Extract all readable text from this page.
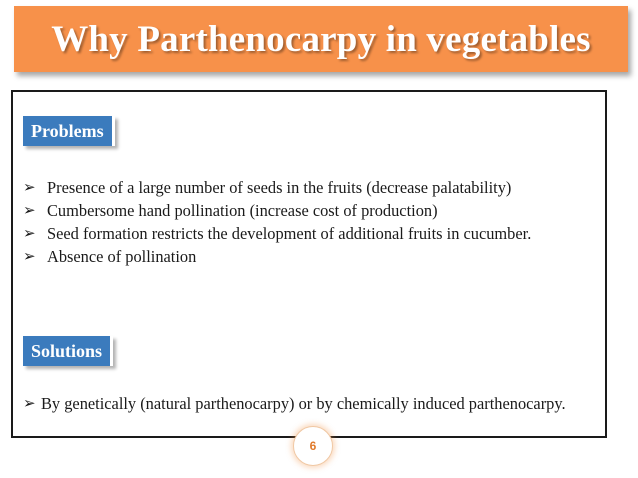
Why Parthenocarpy in vegetables
Problems
➢ Presence of a large number of seeds in the fruits (decrease palatability)
➢ Cumbersome hand pollination (increase cost of production)
➢ Seed formation restricts the development of additional fruits in cucumber.
➢ Absence of pollination
Solutions
➢ By genetically (natural parthenocarpy) or by chemically induced parthenocarpy.
6
